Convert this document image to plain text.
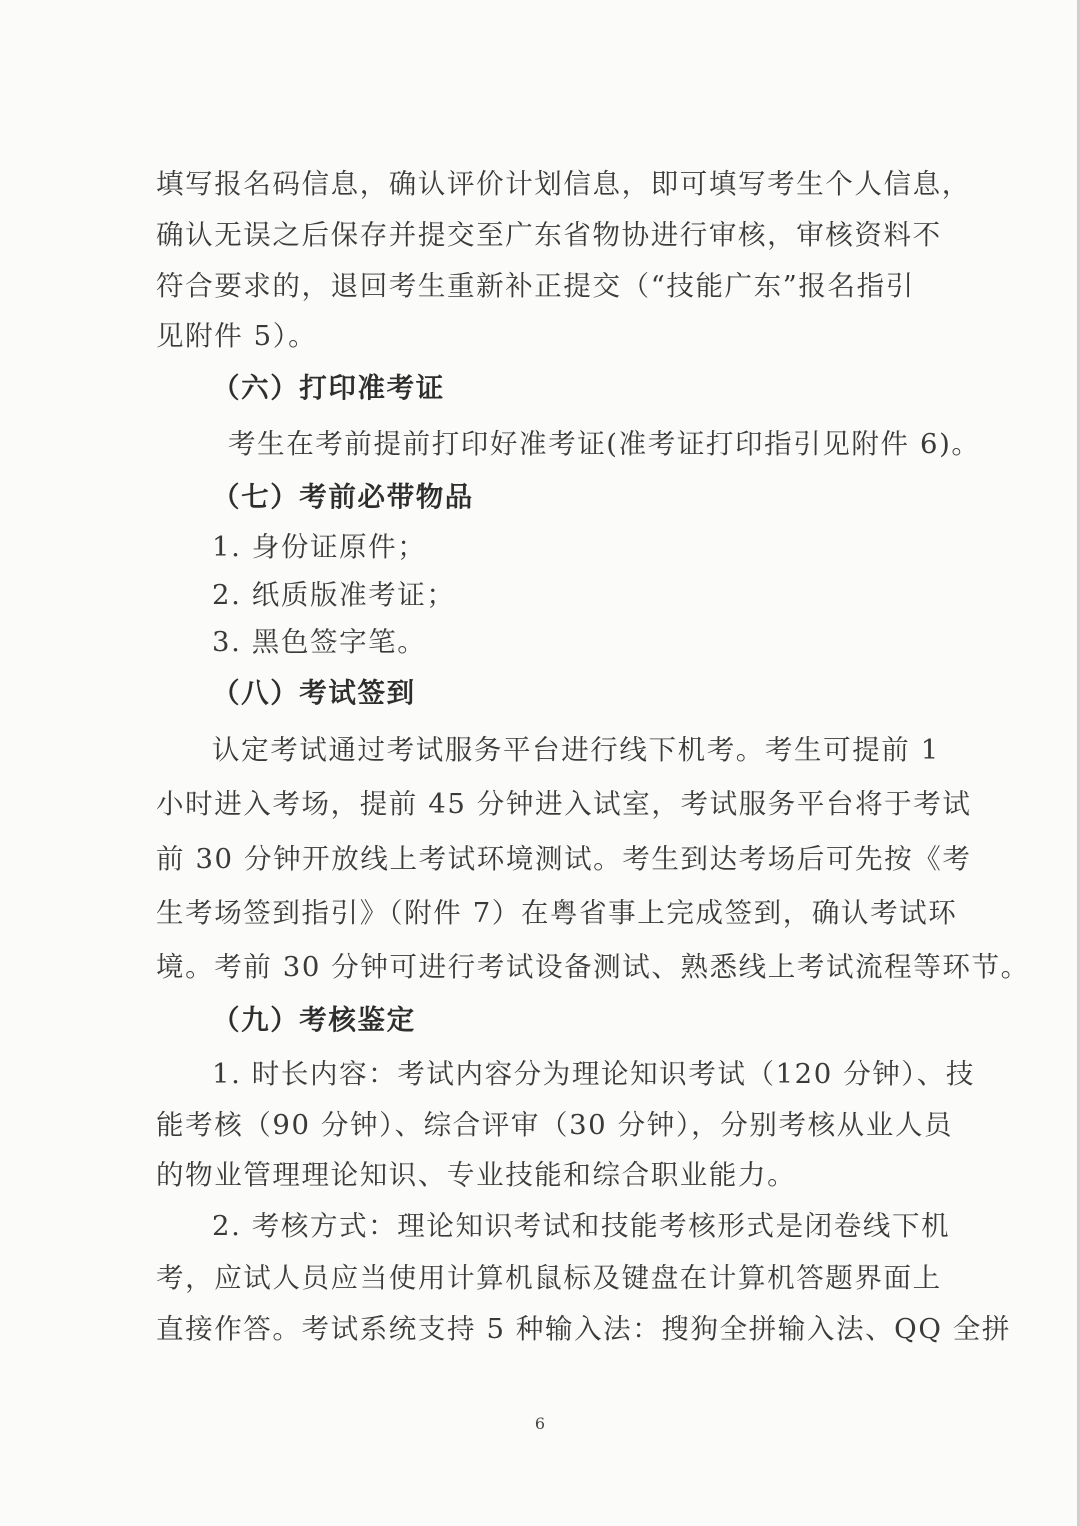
填写报名码信息，确认评价计划信息，即可填写考生个人信息，

确认无误之后保存并提交至广东省物协进行审核，审核资料不

符合要求的，退回考生重新补正提交（“技能广东”报名指引

见附件 5）。

（六）打印准考证

考生在考前提前打印好准考证(准考证打印指引见附件 6)。

（七）考前必带物品

1. 身份证原件；

2. 纸质版准考证；

3. 黑色签字笔。

（八）考试签到

认定考试通过考试服务平台进行线下机考。考生可提前 1

小时进入考场，提前 45 分钟进入试室，考试服务平台将于考试

前 30 分钟开放线上考试环境测试。考生到达考场后可先按《考

生考场签到指引》（附件 7）在粤省事上完成签到，确认考试环

境。考前 30 分钟可进行考试设备测试、熟悉线上考试流程等环节。

（九）考核鉴定

1. 时长内容：考试内容分为理论知识考试（120 分钟）、技

能考核（90 分钟）、综合评审（30 分钟），分别考核从业人员

的物业管理理论知识、专业技能和综合职业能力。

2. 考核方式：理论知识考试和技能考核形式是闭卷线下机

考，应试人员应当使用计算机鼠标及键盘在计算机答题界面上

直接作答。考试系统支持 5 种输入法：搜狗全拼输入法、QQ 全拼

6
